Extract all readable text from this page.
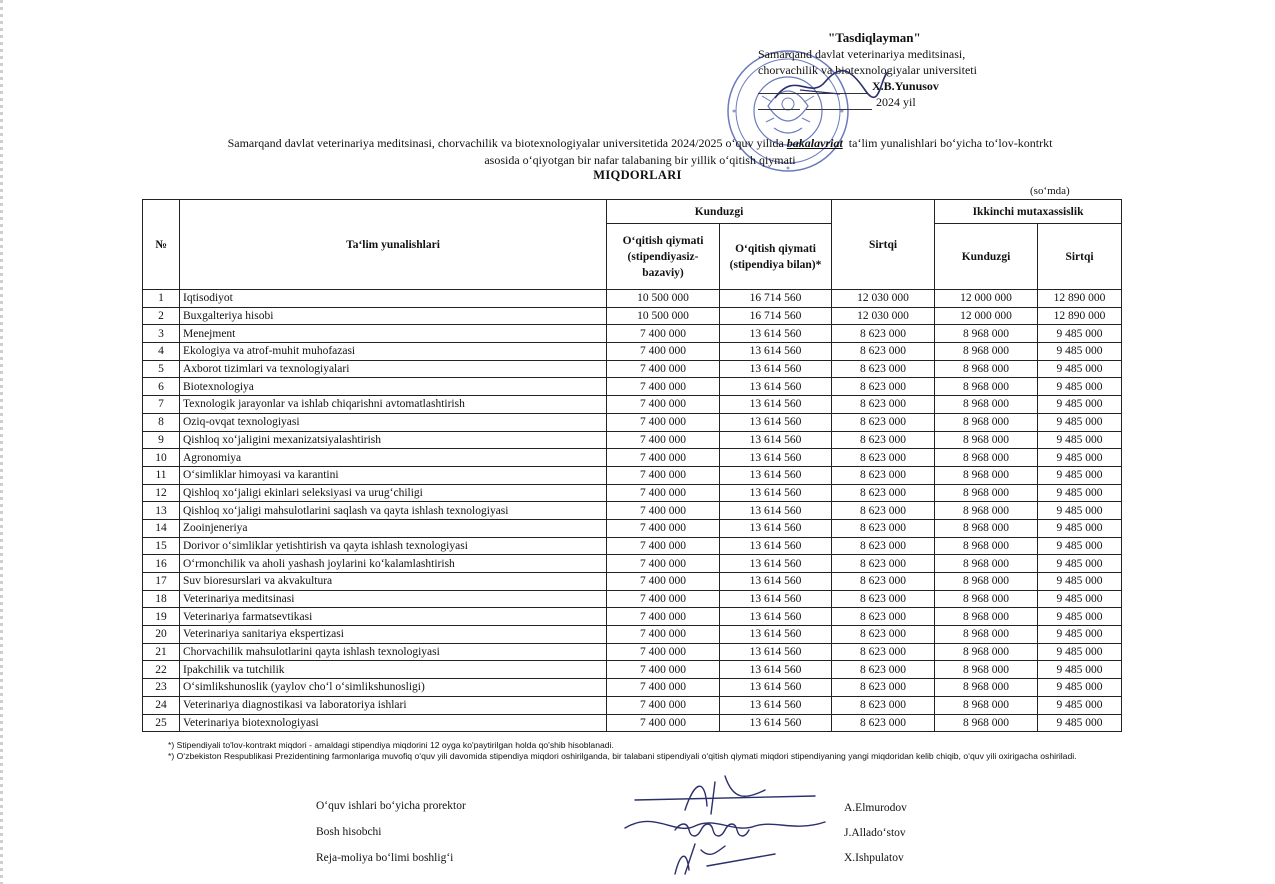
"Tasdiqlayman"
Samarqand davlat veterinariya meditsinasi,
chorvachilik va biotexnologiyalar universiteti
X.B.Yunusov
2024 yil
Samarqand davlat veterinariya meditsinasi, chorvachilik va biotexnologiyalar universitetida 2024/2025 o‘quv yilida bakalavriat ta‘lim yunalishlari bo‘yicha to‘lov-kontrkt
asosida o‘qiyotgan bir nafar talabaning bir yillik o‘qitish qiymati
MIQDORLARI
(so‘mda)
№	Ta‘lim yunalishlari	Kunduzgi		Sirtqi	Ikkinchi mutaxassislik	
		O‘qitish qiymati (stipendiyasiz-bazaviy)	O‘qitish qiymati (stipendiya bilan)*		Kunduzgi	Sirtqi
1	Iqtisodiyot	10 500 000	16 714 560	12 030 000	12 000 000	12 890 000
2	Buxgalteriya hisobi	10 500 000	16 714 560	12 030 000	12 000 000	12 890 000
3	Menejment	7 400 000	13 614 560	8 623 000	8 968 000	9 485 000
4	Ekologiya va atrof-muhit muhofazasi	7 400 000	13 614 560	8 623 000	8 968 000	9 485 000
5	Axborot tizimlari va texnologiyalari	7 400 000	13 614 560	8 623 000	8 968 000	9 485 000
6	Biotexnologiya	7 400 000	13 614 560	8 623 000	8 968 000	9 485 000
7	Texnologik jarayonlar va ishlab chiqarishni avtomatlashtirish	7 400 000	13 614 560	8 623 000	8 968 000	9 485 000
8	Oziq-ovqat texnologiyasi	7 400 000	13 614 560	8 623 000	8 968 000	9 485 000
9	Qishloq xo‘jaligini mexanizatsiyalashtirish	7 400 000	13 614 560	8 623 000	8 968 000	9 485 000
10	Agronomiya	7 400 000	13 614 560	8 623 000	8 968 000	9 485 000
11	O‘simliklar himoyasi va karantini	7 400 000	13 614 560	8 623 000	8 968 000	9 485 000
12	Qishloq xo‘jaligi ekinlari seleksiyasi va urug‘chiligi	7 400 000	13 614 560	8 623 000	8 968 000	9 485 000
13	Qishloq xo‘jaligi mahsulotlarini saqlash va qayta ishlash texnologiyasi	7 400 000	13 614 560	8 623 000	8 968 000	9 485 000
14	Zooinjeneriya	7 400 000	13 614 560	8 623 000	8 968 000	9 485 000
15	Dorivor o‘simliklar yetishtirish va qayta ishlash texnologiyasi	7 400 000	13 614 560	8 623 000	8 968 000	9 485 000
16	O‘rmonchilik va aholi yashash joylarini ko‘kalamlashtirish	7 400 000	13 614 560	8 623 000	8 968 000	9 485 000
17	Suv bioresurslari va akvakultura	7 400 000	13 614 560	8 623 000	8 968 000	9 485 000
18	Veterinariya meditsinasi	7 400 000	13 614 560	8 623 000	8 968 000	9 485 000
19	Veterinariya farmatsevtikasi	7 400 000	13 614 560	8 623 000	8 968 000	9 485 000
20	Veterinariya sanitariya ekspertizasi	7 400 000	13 614 560	8 623 000	8 968 000	9 485 000
21	Chorvachilik mahsulotlarini qayta ishlash texnologiyasi	7 400 000	13 614 560	8 623 000	8 968 000	9 485 000
22	Ipakchilik va tutchilik	7 400 000	13 614 560	8 623 000	8 968 000	9 485 000
23	O‘simlikshunoslik (yaylov cho‘l o‘simlikshunosligi)	7 400 000	13 614 560	8 623 000	8 968 000	9 485 000
24	Veterinariya diagnostikasi va laboratoriya ishlari	7 400 000	13 614 560	8 623 000	8 968 000	9 485 000
25	Veterinariya biotexnologiyasi	7 400 000	13 614 560	8 623 000	8 968 000	9 485 000

*) Stipendiyali to'lov-kontrakt miqdori - amaldagi stipendiya miqdorini 12 oyga ko'paytirilgan holda qo'shib hisoblanadi.

*) O‘zbekiston Respublikasi Prezidentining farmonlariga muvofiq o‘quv yili davomida stipendiya miqdori oshirilganda, bir talabani stipendiyali o‘qitish qiymati miqdori stipendiyaning yangi miqdoridan kelib chiqib, o‘quv yili oxirigacha oshiriladi.

O‘quv ishlari bo‘yicha prorektor
Bosh hisobchi
Reja-moliya bo‘limi boshlig‘i
A.Elmurodov
J.Allado‘stov
X.Ishpulatov
